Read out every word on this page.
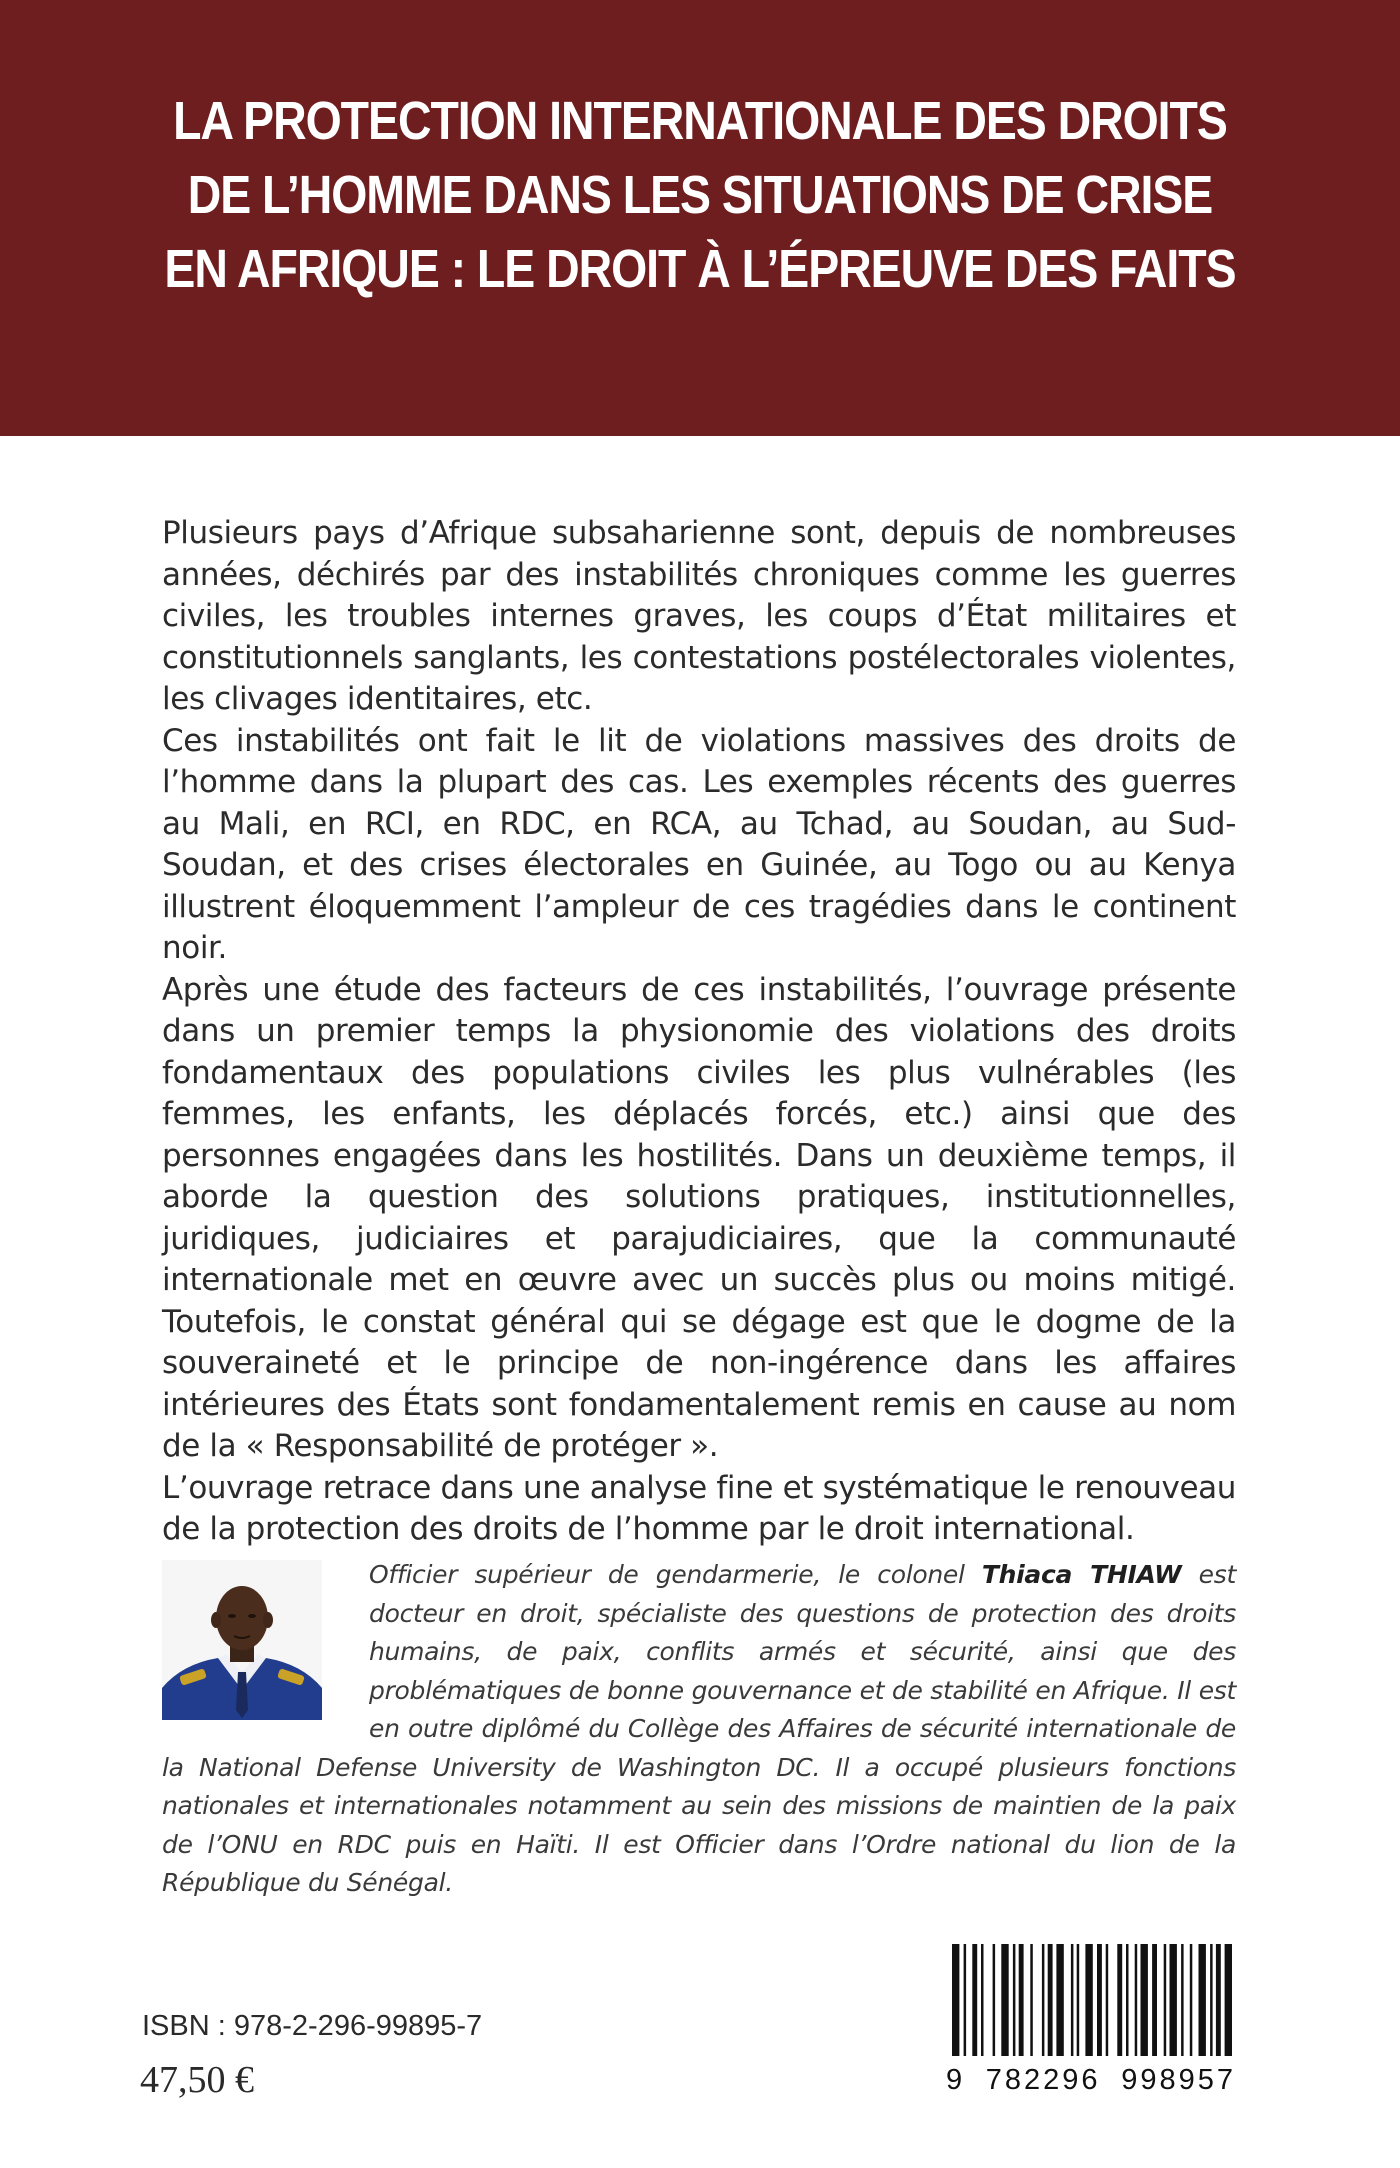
LA PROTECTION INTERNATIONALE DES DROITS
DE L’HOMME DANS LES SITUATIONS DE CRISE
EN AFRIQUE : LE DROIT À L’ÉPREUVE DES FAITS

Plusieurs pays d’Afrique subsaharienne sont, depuis de nombreuses années, déchirés par des instabilités chroniques comme les guerres civiles, les troubles internes graves, les coups d’État militaires et constitutionnels sanglants, les contestations postélectorales violentes, les clivages identitaires, etc.

Ces instabilités ont fait le lit de violations massives des droits de l’homme dans la plupart des cas. Les exemples récents des guerres au Mali, en RCI, en RDC, en RCA, au Tchad, au Soudan, au Sud-Soudan, et des crises électorales en Guinée, au Togo ou au Kenya illustrent éloquemment l’ampleur de ces tragédies dans le continent noir.

Après une étude des facteurs de ces instabilités, l’ouvrage présente dans un premier temps la physionomie des violations des droits fondamentaux des populations civiles les plus vulnérables (les femmes, les enfants, les déplacés forcés, etc.) ainsi que des personnes engagées dans les hostilités. Dans un deuxième temps, il aborde la question des solutions pratiques, institutionnelles, juridiques, judiciaires et parajudiciaires, que la communauté internationale met en œuvre avec un succès plus ou moins mitigé. Toutefois, le constat général qui se dégage est que le dogme de la souveraineté et le principe de non-ingérence dans les affaires intérieures des États sont fondamentalement remis en cause au nom de la « Responsabilité de protéger ».

L’ouvrage retrace dans une analyse fine et systématique le renouveau de la protection des droits de l’homme par le droit international.

Officier supérieur de gendarmerie, le colonel Thiaca THIAW est docteur en droit, spécialiste des questions de protection des droits humains, de paix, conflits armés et sécurité, ainsi que des problématiques de bonne gouvernance et de stabilité en Afrique. Il est en outre diplômé du Collège des Affaires de sécurité internationale de la National Defense University de Washington DC. Il a occupé plusieurs fonctions nationales et internationales notamment au sein des missions de maintien de la paix de l’ONU en RDC puis en Haïti. Il est Officier dans l’Ordre national du lion de la République du Sénégal.
ISBN : 978-2-296-99895-7
47,50 €	9 782296 998957
